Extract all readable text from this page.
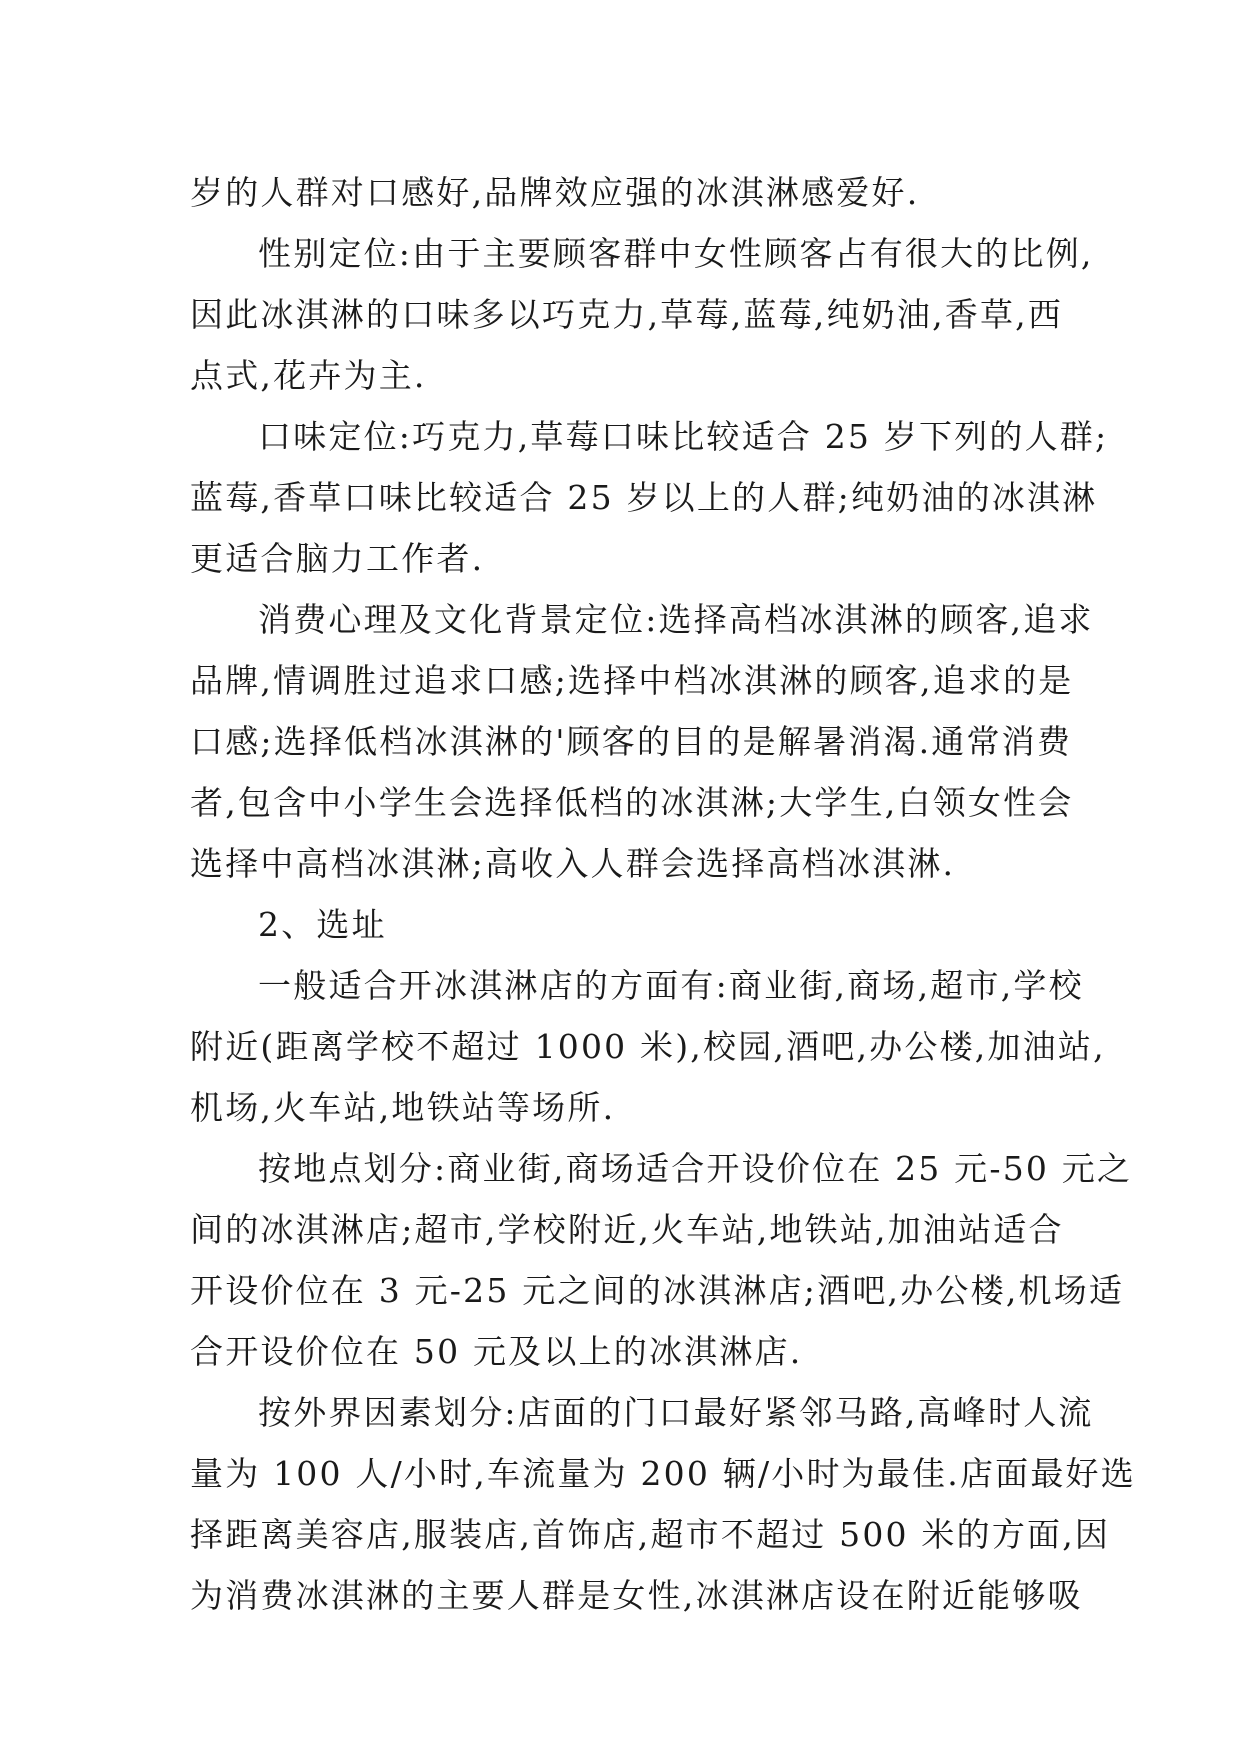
岁的人群对口感好,品牌效应强的冰淇淋感爱好.
性别定位:由于主要顾客群中女性顾客占有很大的比例,
因此冰淇淋的口味多以巧克力,草莓,蓝莓,纯奶油,香草,西
点式,花卉为主.
口味定位:巧克力,草莓口味比较适合 25 岁下列的人群;
蓝莓,香草口味比较适合 25 岁以上的人群;纯奶油的冰淇淋
更适合脑力工作者.
消费心理及文化背景定位:选择高档冰淇淋的顾客,追求
品牌,情调胜过追求口感;选择中档冰淇淋的顾客,追求的是
口感;选择低档冰淇淋的'顾客的目的是解暑消渴.通常消费
者,包含中小学生会选择低档的冰淇淋;大学生,白领女性会
选择中高档冰淇淋;高收入人群会选择高档冰淇淋.
2、选址
一般适合开冰淇淋店的方面有:商业街,商场,超市,学校
附近(距离学校不超过 1000 米),校园,酒吧,办公楼,加油站,
机场,火车站,地铁站等场所.
按地点划分:商业街,商场适合开设价位在 25 元-50 元之
间的冰淇淋店;超市,学校附近,火车站,地铁站,加油站适合
开设价位在 3 元-25 元之间的冰淇淋店;酒吧,办公楼,机场适
合开设价位在 50 元及以上的冰淇淋店.
按外界因素划分:店面的门口最好紧邻马路,高峰时人流
量为 100 人/小时,车流量为 200 辆/小时为最佳.店面最好选
择距离美容店,服装店,首饰店,超市不超过 500 米的方面,因
为消费冰淇淋的主要人群是女性,冰淇淋店设在附近能够吸
